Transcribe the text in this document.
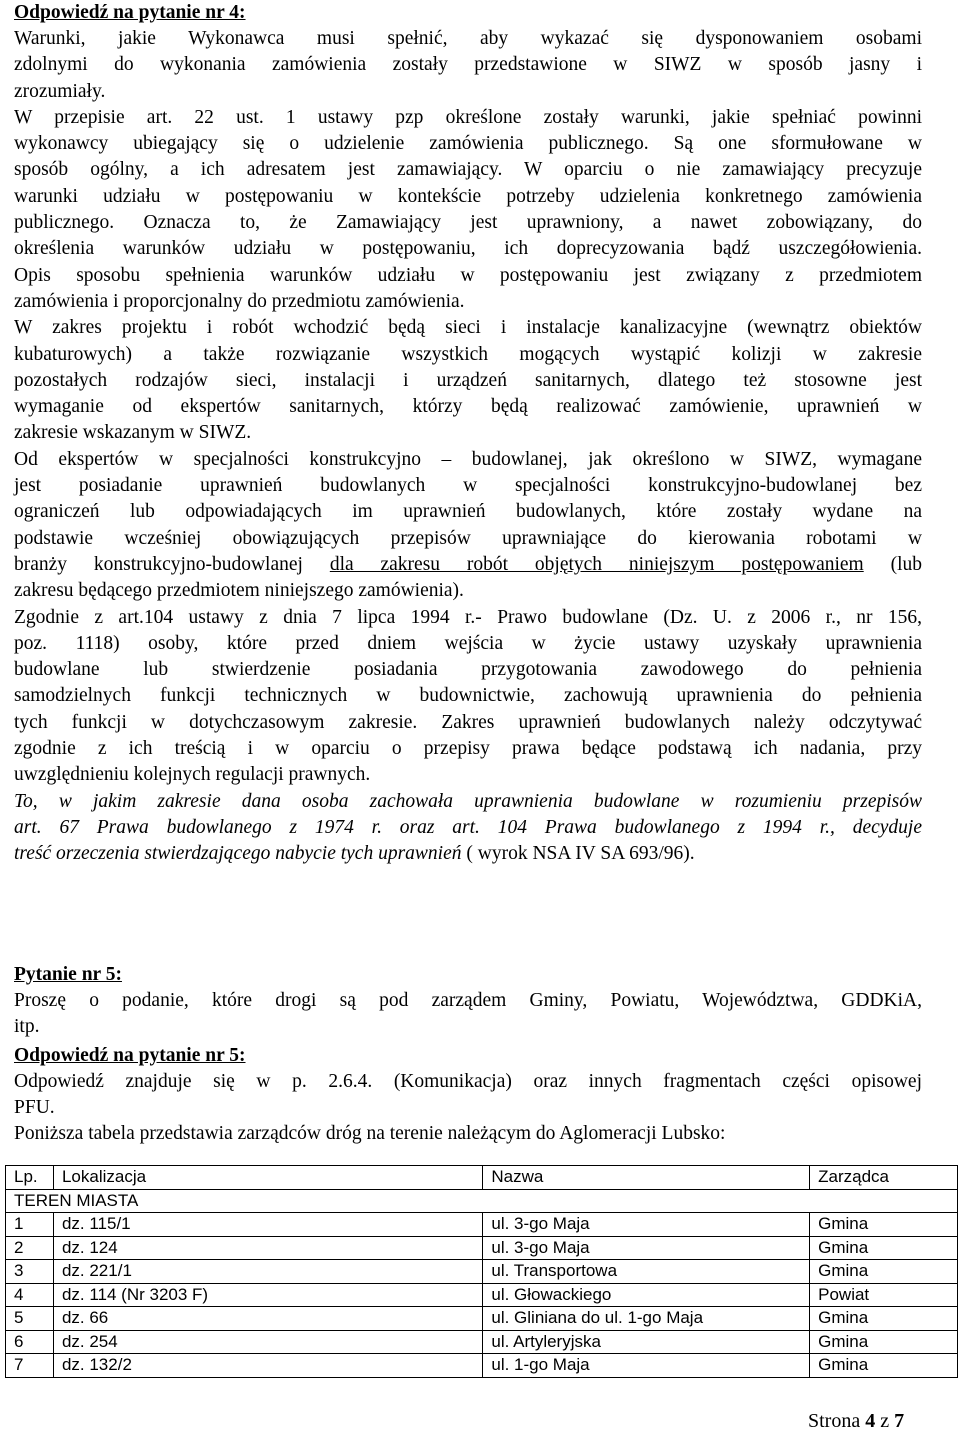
Odpowiedź na pytanie nr 4:
Warunki, jakie Wykonawca musi spełnić, aby wykazać się dysponowaniem osobami
zdolnymi do wykonania zamówienia zostały przedstawione w SIWZ w sposób jasny i
zrozumiały.
W przepisie art. 22 ust. 1 ustawy pzp określone zostały warunki, jakie spełniać powinni
wykonawcy ubiegający się o udzielenie zamówienia publicznego. Są one sformułowane w
sposób ogólny, a ich adresatem jest zamawiający. W oparciu o nie zamawiający precyzuje
warunki udziału w postępowaniu w kontekście potrzeby udzielenia konkretnego zamówienia
publicznego. Oznacza to, że Zamawiający jest uprawniony, a nawet zobowiązany, do
określenia warunków udziału w postępowaniu, ich doprecyzowania bądź uszczegółowienia.
Opis sposobu spełnienia warunków udziału w postępowaniu jest związany z przedmiotem
zamówienia i proporcjonalny do przedmiotu zamówienia.
W zakres projektu i robót wchodzić będą sieci i instalacje kanalizacyjne (wewnątrz obiektów
kubaturowych) a także rozwiązanie wszystkich mogących wystąpić kolizji w zakresie
pozostałych rodzajów sieci, instalacji i urządzeń sanitarnych, dlatego też stosowne jest
wymaganie od ekspertów sanitarnych, którzy będą realizować zamówienie, uprawnień w
zakresie wskazanym w SIWZ.
Od ekspertów w specjalności konstrukcyjno – budowlanej, jak określono w SIWZ, wymagane
jest posiadanie uprawnień budowlanych w specjalności konstrukcyjno-budowlanej bez
ograniczeń lub odpowiadających im uprawnień budowlanych, które zostały wydane na
podstawie wcześniej obowiązujących przepisów uprawniające do kierowania robotami w
branży konstrukcyjno-budowlanej dla zakresu robót objętych niniejszym postępowaniem (lub
zakresu będącego przedmiotem niniejszego zamówienia).
Zgodnie z art.104 ustawy z dnia 7 lipca 1994 r.- Prawo budowlane (Dz. U. z 2006 r., nr 156,
poz. 1118) osoby, które przed dniem wejścia w życie ustawy uzyskały uprawnienia
budowlane lub stwierdzenie posiadania przygotowania zawodowego do pełnienia
samodzielnych funkcji technicznych w budownictwie, zachowują uprawnienia do pełnienia
tych funkcji w dotychczasowym zakresie. Zakres uprawnień budowlanych należy odczytywać
zgodnie z ich treścią i w oparciu o przepisy prawa będące podstawą ich nadania, przy
uwzględnieniu kolejnych regulacji prawnych.
To, w jakim zakresie dana osoba zachowała uprawnienia budowlane w rozumieniu przepisów
art. 67 Prawa budowlanego z 1974 r. oraz art. 104 Prawa budowlanego z 1994 r., decyduje
treść orzeczenia stwierdzającego nabycie tych uprawnień ( wyrok NSA IV SA 693/96).
Pytanie nr 5:
Proszę o podanie, które drogi są pod zarządem Gminy, Powiatu, Województwa, GDDKiA,
itp.
Odpowiedź na pytanie nr 5:
Odpowiedź znajduje się w p. 2.6.4. (Komunikacja) oraz innych fragmentach części opisowej
PFU.
Poniższa tabela przedstawia zarządców dróg na terenie należącym do Aglomeracji Lubsko:
Lp.	Lokalizacja	Nazwa	Zarządca
TEREN MIASTA			
1	dz. 115/1	ul. 3-go Maja	Gmina
2	dz. 124	ul. 3-go Maja	Gmina
3	dz. 221/1	ul. Transportowa	Gmina
4	dz. 114 (Nr 3203 F)	ul. Głowackiego	Powiat
5	dz. 66	ul. Gliniana do ul. 1-go Maja	Gmina
6	dz. 254	ul. Artyleryjska	Gmina
7	dz. 132/2	ul. 1-go Maja	Gmina
Strona 4 z 7
